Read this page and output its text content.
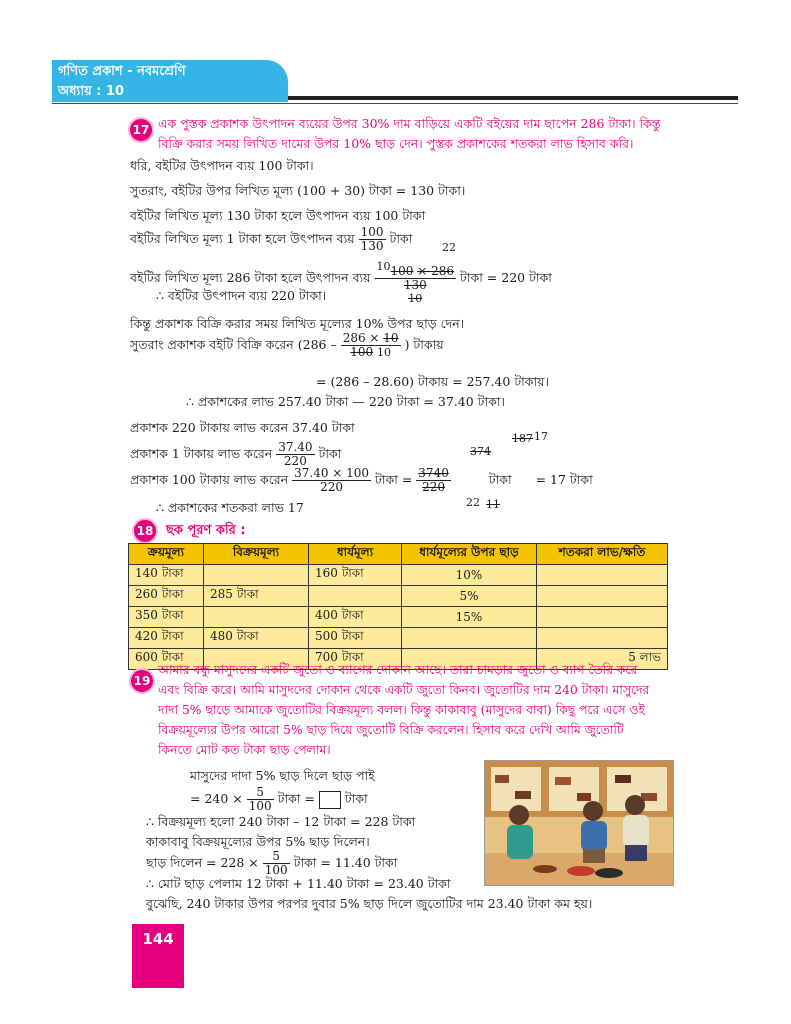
গণিত প্রকাশ - নবমশ্রেণি
অধ্যায় : 10
17 এক পুস্তক প্রকাশক উৎপাদন ব্যয়ের উপর 30% দাম বাড়িয়ে একটি বইয়ের দাম ছাপেন 286 টাকা। কিন্তু
বিক্রি করার সময় লিখিত দামের উপর 10% ছাড় দেন। পুস্তক প্রকাশকের শতকরা লাভ হিসাব করি।
ধরি, বইটির উৎপাদন ব্যয় 100 টাকা।
সুতরাং, বইটির উপর লিখিত মূল্য (100 + 30) টাকা = 130 টাকা।
বইটির লিখিত মূল্য 130 টাকা হলে উৎপাদন ব্যয় 100 টাকা
বইটির লিখিত মূল্য 1 টাকা হলে উৎপাদন ব্যয় $\frac{100}{130}$ টাকা
22
বইটির লিখিত মূল্য 286 টাকা হলে উৎপাদন ব্যয়
$^{10}$100 × 286
130
10
টাকা = 220 টাকা
∴ বইটির উৎপাদন ব্যয় 220 টাকা।
কিন্তু প্রকাশক বিক্রি করার সময় লিখিত মূল্যের 10% উপর ছাড় দেন।
সুতরাং প্রকাশক বইটি বিক্রি করেন ($286 - \frac{286 \times 10}{100 10}$ ) টাকায়
= (286 – 28.60) টাকায় = 257.40 টাকায়।
∴ প্রকাশকের লাভ 257.40 টাকা — 220 টাকা = 37.40 টাকা।
প্রকাশক 220 টাকায় লাভ করেন 37.40 টাকা
প্রকাশক 1 টাকায় লাভ করেন $\frac{37.40}{220}$ টাকা	374
187 17
প্রকাশক 100 টাকায় লাভ করেন $\frac{37.40 \times 100}{220}$ টাকা = $\frac{3740}{220}$	টাকা = 17 টাকা
22 11
∴ প্রকাশকের শতকরা লাভ 17
18 ছক পূরণ করি :
ক্রয়মূল্য	বিক্রয়মূল্য	ধার্যমূল্য	ধার্যমূল্যের উপর ছাড়	শতকরা লাভ/ক্ষতি
140 টাকা		160 টাকা	10%	
260 টাকা	285 টাকা		5%	
350 টাকা		400 টাকা	15%	
420 টাকা	480 টাকা	500 টাকা		
600 টাকা		700 টাকা		5 লাভ
19
আমার বন্ধু মাসুদদের একটি জুতো ও ব্যাগের দোকান আছে। তারা চামড়ার জুতো ও ব্যাগ তৈরি করে
এবং বিক্রি করে। আমি মাসুদদের দোকান থেকে একটি জুতো কিনব। জুতোটির দাম 240 টাকা। মাসুদের
দাদা 5% ছাড়ে আমাকে জুতোটির বিক্রয়মূল্য বলল। কিন্তু কাকাবাবু (মাসুদের বাবা) কিছু পরে এসে ওই
বিক্রয়মূল্যের উপর আরো 5% ছাড় দিয়ে জুতোটি বিক্রি করলেন। হিসাব করে দেখি আমি জুতোটি
কিনতে মোট কত টাকা ছাড় পেলাম।
মাসুদের দাদা 5% ছাড় দিলে ছাড় পাই
= $240 \times \frac{5}{100}$ টাকা = টাকা
∴ বিক্রয়মূল্য হলো 240 টাকা – 12 টাকা = 228 টাকা
কাকাবাবু বিক্রয়মূল্যের উপর 5% ছাড় দিলেন।
ছাড় দিলেন = $228 \times \frac{5}{100}$ টাকা = 11.40 টাকা
∴ মোট ছাড় পেলাম 12 টাকা + 11.40 টাকা = 23.40 টাকা
বুঝেছি, 240 টাকার উপর পরপর দুবার 5% ছাড় দিলে জুতোটির দাম 23.40 টাকা কম হয়।
144
